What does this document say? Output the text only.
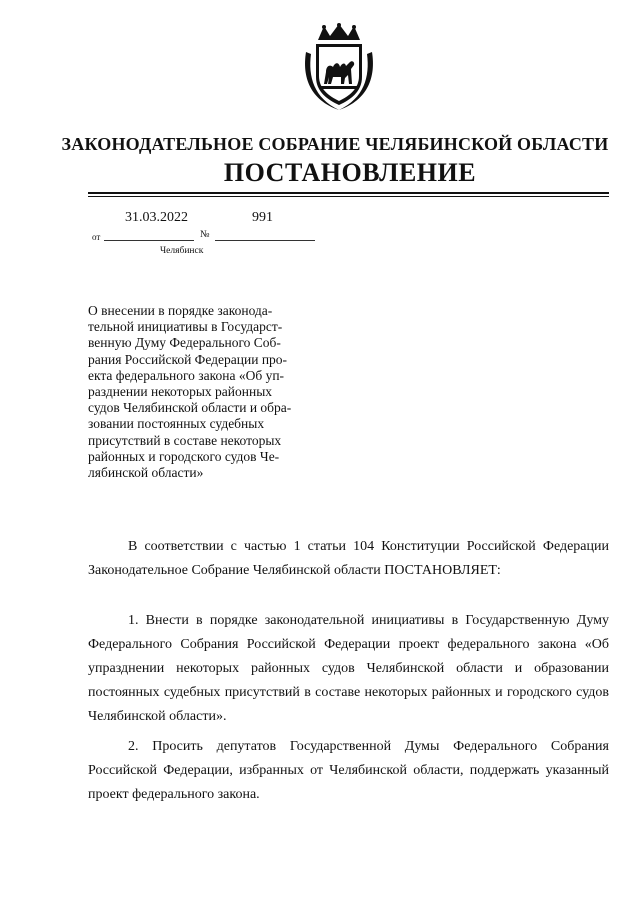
ЗАКОНОДАТЕЛЬНОЕ СОБРАНИЕ ЧЕЛЯБИНСКОЙ ОБЛАСТИ
ПОСТАНОВЛЕНИЕ
31.03.2022	991
от	№
Челябинск
О внесении в порядке законода-
тельной инициативы в Государст-
венную Думу Федерального Соб-
рания Российской Федерации про-
екта федерального закона «Об уп-
разднении некоторых районных
судов Челябинской области и обра-
зовании постоянных судебных
присутствий в составе некоторых
районных и городского судов Че-
лябинской области»
В соответствии с частью 1 статьи 104 Конституции Российской Федерации Законодательное Собрание Челябинской области ПОСТАНОВЛЯЕТ:
1. Внести в порядке законодательной инициативы в Государственную Думу Федерального Собрания Российской Федерации проект федерального закона «Об упразднении некоторых районных судов Челябинской области и образовании постоянных судебных присутствий в составе некоторых районных и городского судов Челябинской области».
2. Просить депутатов Государственной Думы Федерального Собрания Российской Федерации, избранных от Челябинской области, поддержать указанный проект федерального закона.
